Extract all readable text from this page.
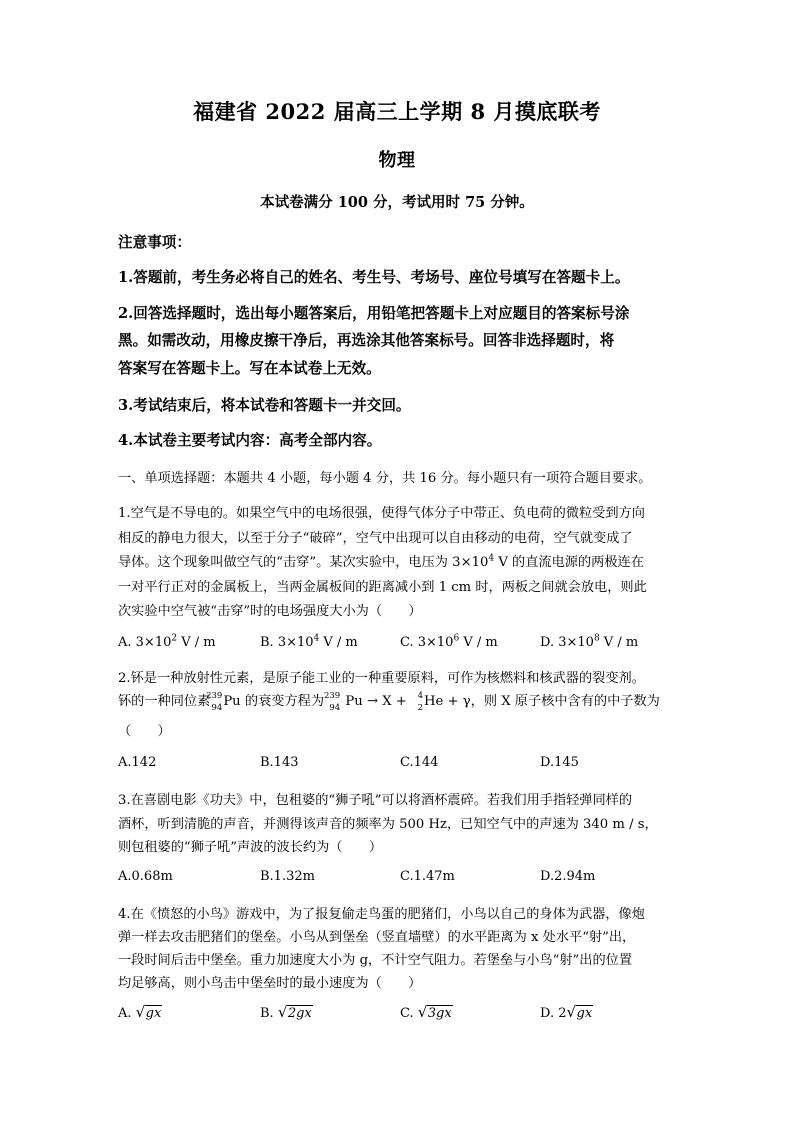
福建省 2022 届高三上学期 8 月摸底联考
物理
本试卷满分 100 分，考试用时 75 分钟。
注意事项：
1.答题前，考生务必将自己的姓名、考生号、考场号、座位号填写在答题卡上。
2.回答选择题时，选出每小题答案后，用铅笔把答题卡上对应题目的答案标号涂
黑。如需改动，用橡皮擦干净后，再选涂其他答案标号。回答非选择题时，将
答案写在答题卡上。写在本试卷上无效。
3.考试结束后，将本试卷和答题卡一并交回。
4.本试卷主要考试内容：高考全部内容。
一、单项选择题：本题共 4 小题，每小题 4 分，共 16 分。每小题只有一项符合题目要求。
1.空气是不导电的。如果空气中的电场很强，使得气体分子中带正、负电荷的微粒受到方向
相反的静电力很大，以至于分子“破碎”，空气中出现可以自由移动的电荷，空气就变成了
导体。这个现象叫做空气的“击穿”。某次实验中，电压为 $3\times 10^4$ V 的直流电源的两极连在
一对平行正对的金属板上，当两金属板间的距离减小到 1 cm 时，两板之间就会放电，则此
次实验中空气被“击穿”时的电场强度大小为（　　）
A. $3\times 10^2$ V / m	B. $3\times 10^4$ V / m	C. $3\times 10^6$ V / m	D. $3\times 10^8$ V / m
2.钚是一种放射性元素，是原子能工业的一种重要原料，可作为核燃料和核武器的裂变剂。
钚的一种同位素
239
94 Pu 的衰变方程为
239
94 Pu → X + 4
2 He + γ，则 X 原子核中含有的中子数为
（　　）
A.142	B.143	C.144	D.145
3.在喜剧电影《功夫》中，包租婆的“狮子吼”可以将酒杯震碎。若我们用手指轻弹同样的
酒杯，听到清脆的声音，并测得该声音的频率为 500 Hz，已知空气中的声速为 340 m / s，
则包租婆的“狮子吼”声波的波长约为（　　）
A.0.68m	B.1.32m	C.1.47m	D.2.94m
4.在《愤怒的小鸟》游戏中，为了报复偷走鸟蛋的肥猪们，小鸟以自己的身体为武器，像炮
弹一样去攻击肥猪们的堡垒。小鸟从到堡垒（竖直墙壁）的水平距离为 x 处水平“射”出，
一段时间后击中堡垒。重力加速度大小为 g，不计空气阻力。若堡垒与小鸟“射”出的位置
均足够高，则小鸟击中堡垒时的最小速度为（　　）
A. √ gx	B. √ 2gx	C. √ 3gx	D. 2 √ gx
